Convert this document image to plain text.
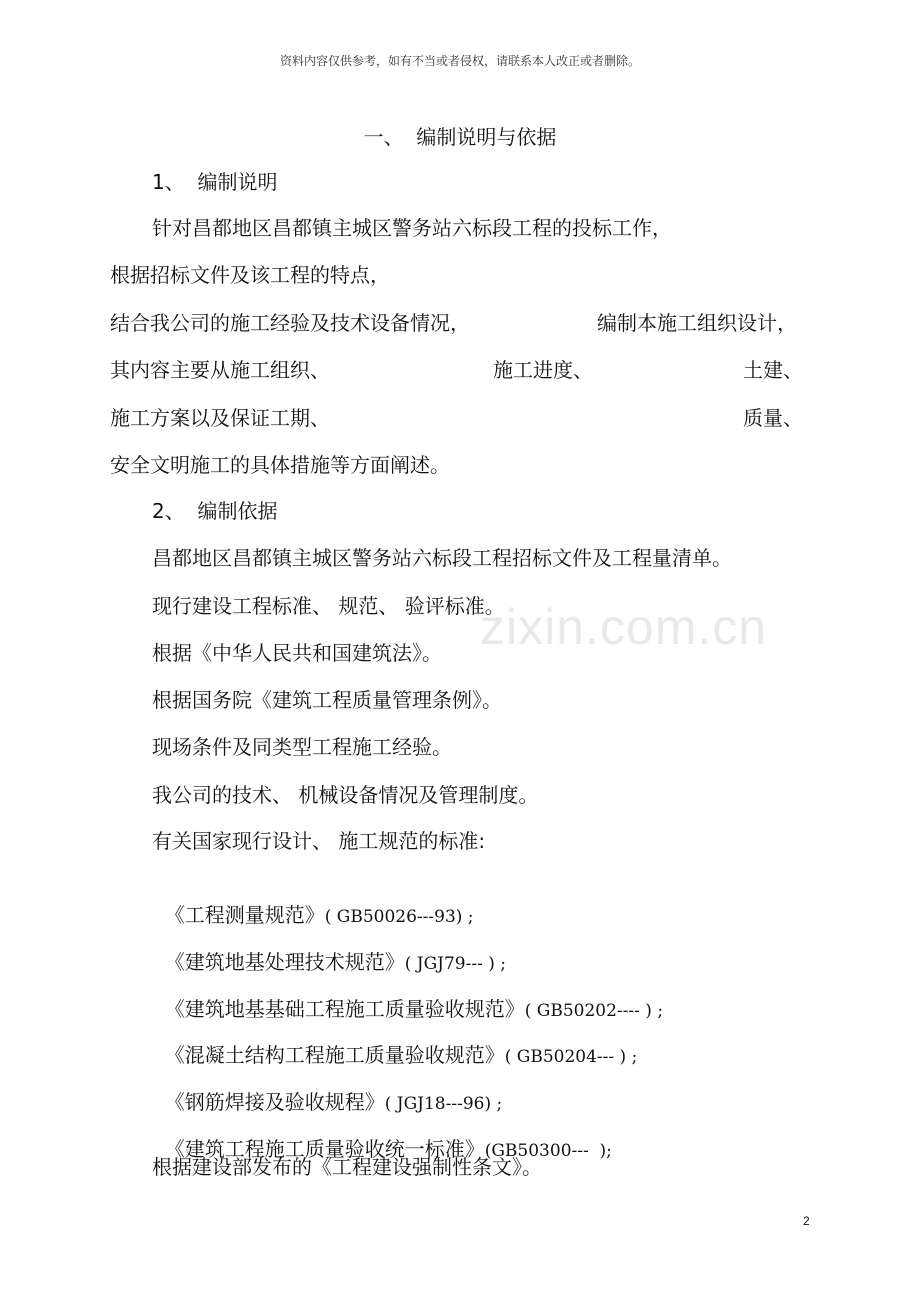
资料内容仅供参考，如有不当或者侵权，请联系本人改正或者删除。
一、  编制说明与依据
1、  编制说明
针对昌都地区昌都镇主城区警务站六标段工程的投标工作，
根据招标文件及该工程的特点，
结合我公司的施工经验及技术设备情况，	编制本施工组织设计，
其内容主要从施工组织、	施工进度、	土建、
施工方案以及保证工期、	质量、
安全文明施工的具体措施等方面阐述。
2、  编制依据
昌都地区昌都镇主城区警务站六标段工程招标文件及工程量清单。
现行建设工程标准、 规范、 验评标准。
根据《中华人民共和国建筑法》。
根据国务院《建筑工程质量管理条例》。
现场条件及同类型工程施工经验。
我公司的技术、 机械设备情况及管理制度。
有关国家现行设计、 施工规范的标准:

《工程测量规范》( GB50026---93) ;

《建筑地基处理技术规范》( JGJ79--- ) ;

《建筑地基基础工程施工质量验收规范》( GB50202---- ) ;

《混凝土结构工程施工质量验收规范》( GB50204--- ) ;

《钢筋焊接及验收规程》( JGJ18---96) ;

《建筑工程施工质量验收统一标准》(GB50300---  );

根据建设部发布的《工程建设强制性条文》。
zixin.com.cn
2
